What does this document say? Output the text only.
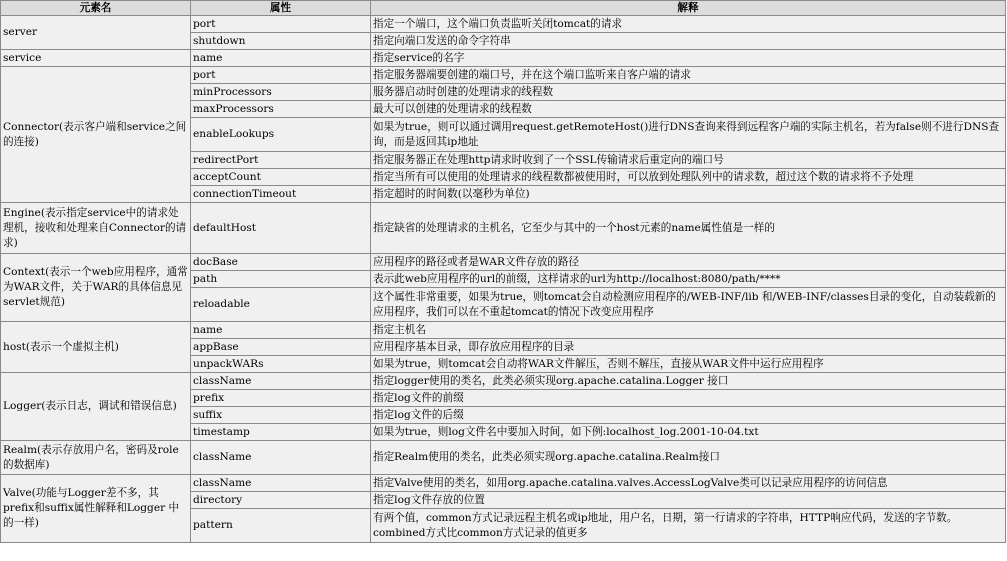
元素名	属性	解释
server	port	指定一个端口，这个端口负责监听关闭tomcat的请求
	shutdown	指定向端口发送的命令字符串
service	name	指定service的名字
Connector(表示客户端和service之间的连接)	port	指定服务器端要创建的端口号，并在这个端口监听来自客户端的请求
	minProcessors	服务器启动时创建的处理请求的线程数
	maxProcessors	最大可以创建的处理请求的线程数
	enableLookups	如果为true，则可以通过调用request.getRemoteHost()进行DNS查询来得到远程客户端的实际主机名，若为false则不进行DNS查询，而是返回其ip地址
	redirectPort	指定服务器正在处理http请求时收到了一个SSL传输请求后重定向的端口号
	acceptCount	指定当所有可以使用的处理请求的线程数都被使用时，可以放到处理队列中的请求数，超过这个数的请求将不予处理
	connectionTimeout	指定超时的时间数(以毫秒为单位)
Engine(表示指定service中的请求处理机，接收和处理来自Connector的请求)	defaultHost	指定缺省的处理请求的主机名，它至少与其中的一个host元素的name属性值是一样的
Context(表示一个web应用程序，通常为WAR文件，关于WAR的具体信息见servlet规范)	docBase	应用程序的路径或者是WAR文件存放的路径
	path	表示此web应用程序的url的前缀，这样请求的url为http://localhost:8080/path/****
	reloadable	这个属性非常重要，如果为true，则tomcat会自动检测应用程序的/WEB-INF/lib 和/WEB-INF/classes目录的变化，自动装载新的应用程序，我们可以在不重起tomcat的情况下改变应用程序
host(表示一个虚拟主机)	name	指定主机名
	appBase	应用程序基本目录，即存放应用程序的目录
	unpackWARs	如果为true，则tomcat会自动将WAR文件解压，否则不解压，直接从WAR文件中运行应用程序
Logger(表示日志，调试和错误信息)	className	指定logger使用的类名，此类必须实现org.apache.catalina.Logger 接口
	prefix	指定log文件的前缀
	suffix	指定log文件的后缀
	timestamp	如果为true，则log文件名中要加入时间，如下例:localhost_log.2001-10-04.txt
Realm(表示存放用户名，密码及role的数据库)	className	指定Realm使用的类名，此类必须实现org.apache.catalina.Realm接口
Valve(功能与Logger差不多，其prefix和suffix属性解释和Logger 中的一样)	className	指定Valve使用的类名，如用org.apache.catalina.valves.AccessLogValve类可以记录应用程序的访问信息
	directory	指定log文件存放的位置
	pattern	有两个值，common方式记录远程主机名或ip地址，用户名，日期，第一行请求的字符串，HTTP响应代码，发送的字节数。combined方式比common方式记录的值更多
